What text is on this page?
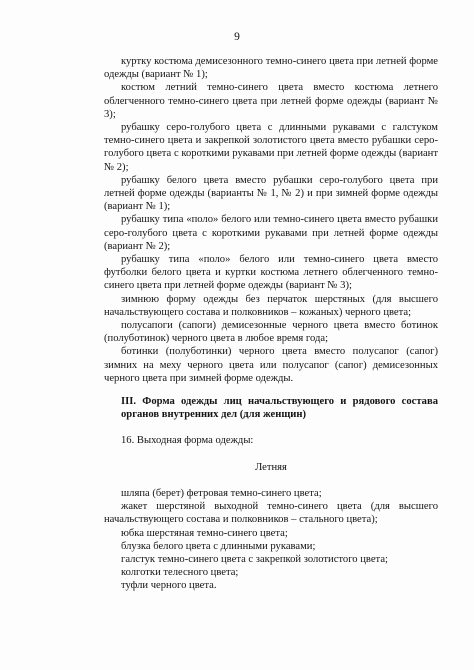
9

куртку костюма демисезонного темно-синего цвета при летней форме одежды (вариант № 1);

костюм летний темно-синего цвета вместо костюма летнего облегченного темно-синего цвета при летней форме одежды (вариант № 3);

рубашку серо-голубого цвета с длинными рукавами с галстуком темно-синего цвета и закрепкой золотистого цвета вместо рубашки серо-голубого цвета с короткими рукавами при летней форме одежды (вариант № 2);

рубашку белого цвета вместо рубашки серо-голубого цвета при летней форме одежды (варианты № 1, № 2) и при зимней форме одежды (вариант № 1);

рубашку типа «поло» белого или темно-синего цвета вместо рубашки серо-голубого цвета с короткими рукавами при летней форме одежды (вариант № 2);

рубашку типа «поло» белого или темно-синего цвета вместо футболки белого цвета и куртки костюма летнего облегченного темно-синего цвета при летней форме одежды (вариант № 3);

зимнюю форму одежды без перчаток шерстяных (для высшего начальствующего состава и полковников – кожаных) черного цвета;

полусапоги (сапоги) демисезонные черного цвета вместо ботинок (полуботинок) черного цвета в любое время года;

ботинки (полуботинки) черного цвета вместо полусапог (сапог) зимних на меху черного цвета или полусапог (сапог) демисезонных черного цвета при зимней форме одежды.

III. Форма одежды лиц начальствующего и рядового состава органов внутренних дел (для женщин)

16. Выходная форма одежды:

Летняя

шляпа (берет) фетровая темно-синего цвета;

жакет шерстяной выходной темно-синего цвета (для высшего начальствующего состава и полковников – стального цвета);

юбка шерстяная темно-синего цвета;

блузка белого цвета с длинными рукавами;

галстук темно-синего цвета с закрепкой золотистого цвета;

колготки телесного цвета;

туфли черного цвета.
